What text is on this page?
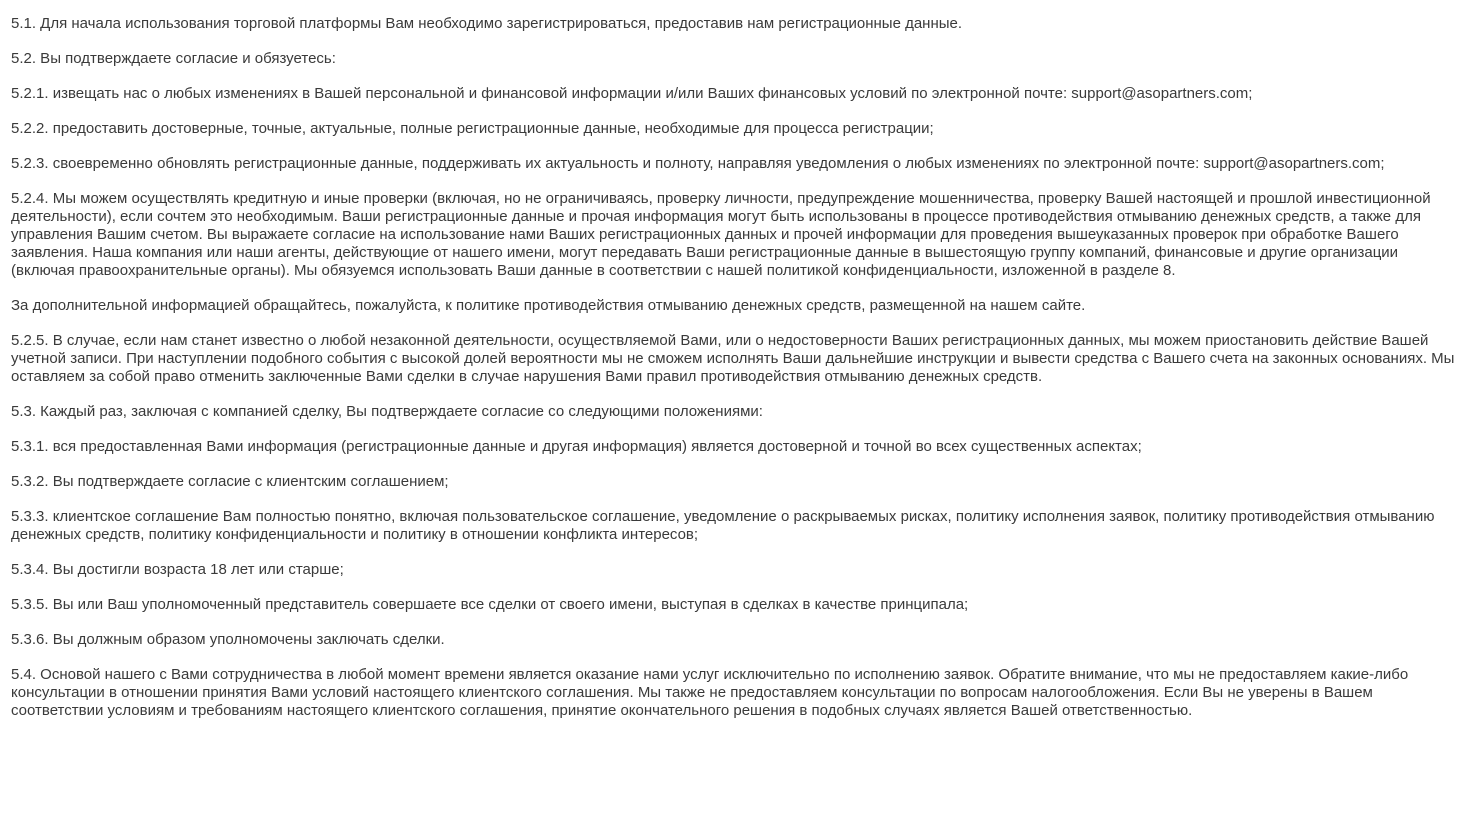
5.1. Для начала использования торговой платформы Вам необходимо зарегистрироваться, предоставив нам регистрационные данные.

5.2. Вы подтверждаете согласие и обязуетесь:

5.2.1. извещать нас о любых изменениях в Вашей персональной и финансовой информации и/или Ваших финансовых условий по электронной почте: support@asopartners.com;

5.2.2. предоставить достоверные, точные, актуальные, полные регистрационные данные, необходимые для процесса регистрации;

5.2.3. своевременно обновлять регистрационные данные, поддерживать их актуальность и полноту, направляя уведомления о любых изменениях по электронной почте: support@asopartners.com;

5.2.4. Мы можем осуществлять кредитную и иные проверки (включая, но не ограничиваясь, проверку личности, предупреждение мошенничества, проверку Вашей настоящей и прошлой инвестиционной деятельности), если сочтем это необходимым. Ваши регистрационные данные и прочая информация могут быть использованы в процессе противодействия отмыванию денежных средств, а также для управления Вашим счетом. Вы выражаете согласие на использование нами Ваших регистрационных данных и прочей информации для проведения вышеуказанных проверок при обработке Вашего заявления. Наша компания или наши агенты, действующие от нашего имени, могут передавать Ваши регистрационные данные в вышестоящую группу компаний, финансовые и другие организации (включая правоохранительные органы). Мы обязуемся использовать Ваши данные в соответствии с нашей политикой конфиденциальности, изложенной в разделе 8.

За дополнительной информацией обращайтесь, пожалуйста, к политике противодействия отмыванию денежных средств, размещенной на нашем сайте.

5.2.5. В случае, если нам станет известно о любой незаконной деятельности, осуществляемой Вами, или о недостоверности Ваших регистрационных данных, мы можем приостановить действие Вашей учетной записи. При наступлении подобного события с высокой долей вероятности мы не сможем исполнять Ваши дальнейшие инструкции и вывести средства с Вашего счета на законных основаниях. Мы оставляем за собой право отменить заключенные Вами сделки в случае нарушения Вами правил противодействия отмыванию денежных средств.

5.3. Каждый раз, заключая с компанией сделку, Вы подтверждаете согласие со следующими положениями:

5.3.1. вся предоставленная Вами информация (регистрационные данные и другая информация) является достоверной и точной во всех существенных аспектах;

5.3.2. Вы подтверждаете согласие с клиентским соглашением;

5.3.3. клиентское соглашение Вам полностью понятно, включая пользовательское соглашение, уведомление о раскрываемых рисках, политику исполнения заявок, политику противодействия отмыванию денежных средств, политику конфиденциальности и политику в отношении конфликта интересов;

5.3.4. Вы достигли возраста 18 лет или старше;

5.3.5. Вы или Ваш уполномоченный представитель совершаете все сделки от своего имени, выступая в сделках в качестве принципала;

5.3.6. Вы должным образом уполномочены заключать сделки.

5.4. Основой нашего с Вами сотрудничества в любой момент времени является оказание нами услуг исключительно по исполнению заявок. Обратите внимание, что мы не предоставляем какие-либо консультации в отношении принятия Вами условий настоящего клиентского соглашения. Мы также не предоставляем консультации по вопросам налогообложения. Если Вы не уверены в Вашем соответствии условиям и требованиям настоящего клиентского соглашения, принятие окончательного решения в подобных случаях является Вашей ответственностью.
